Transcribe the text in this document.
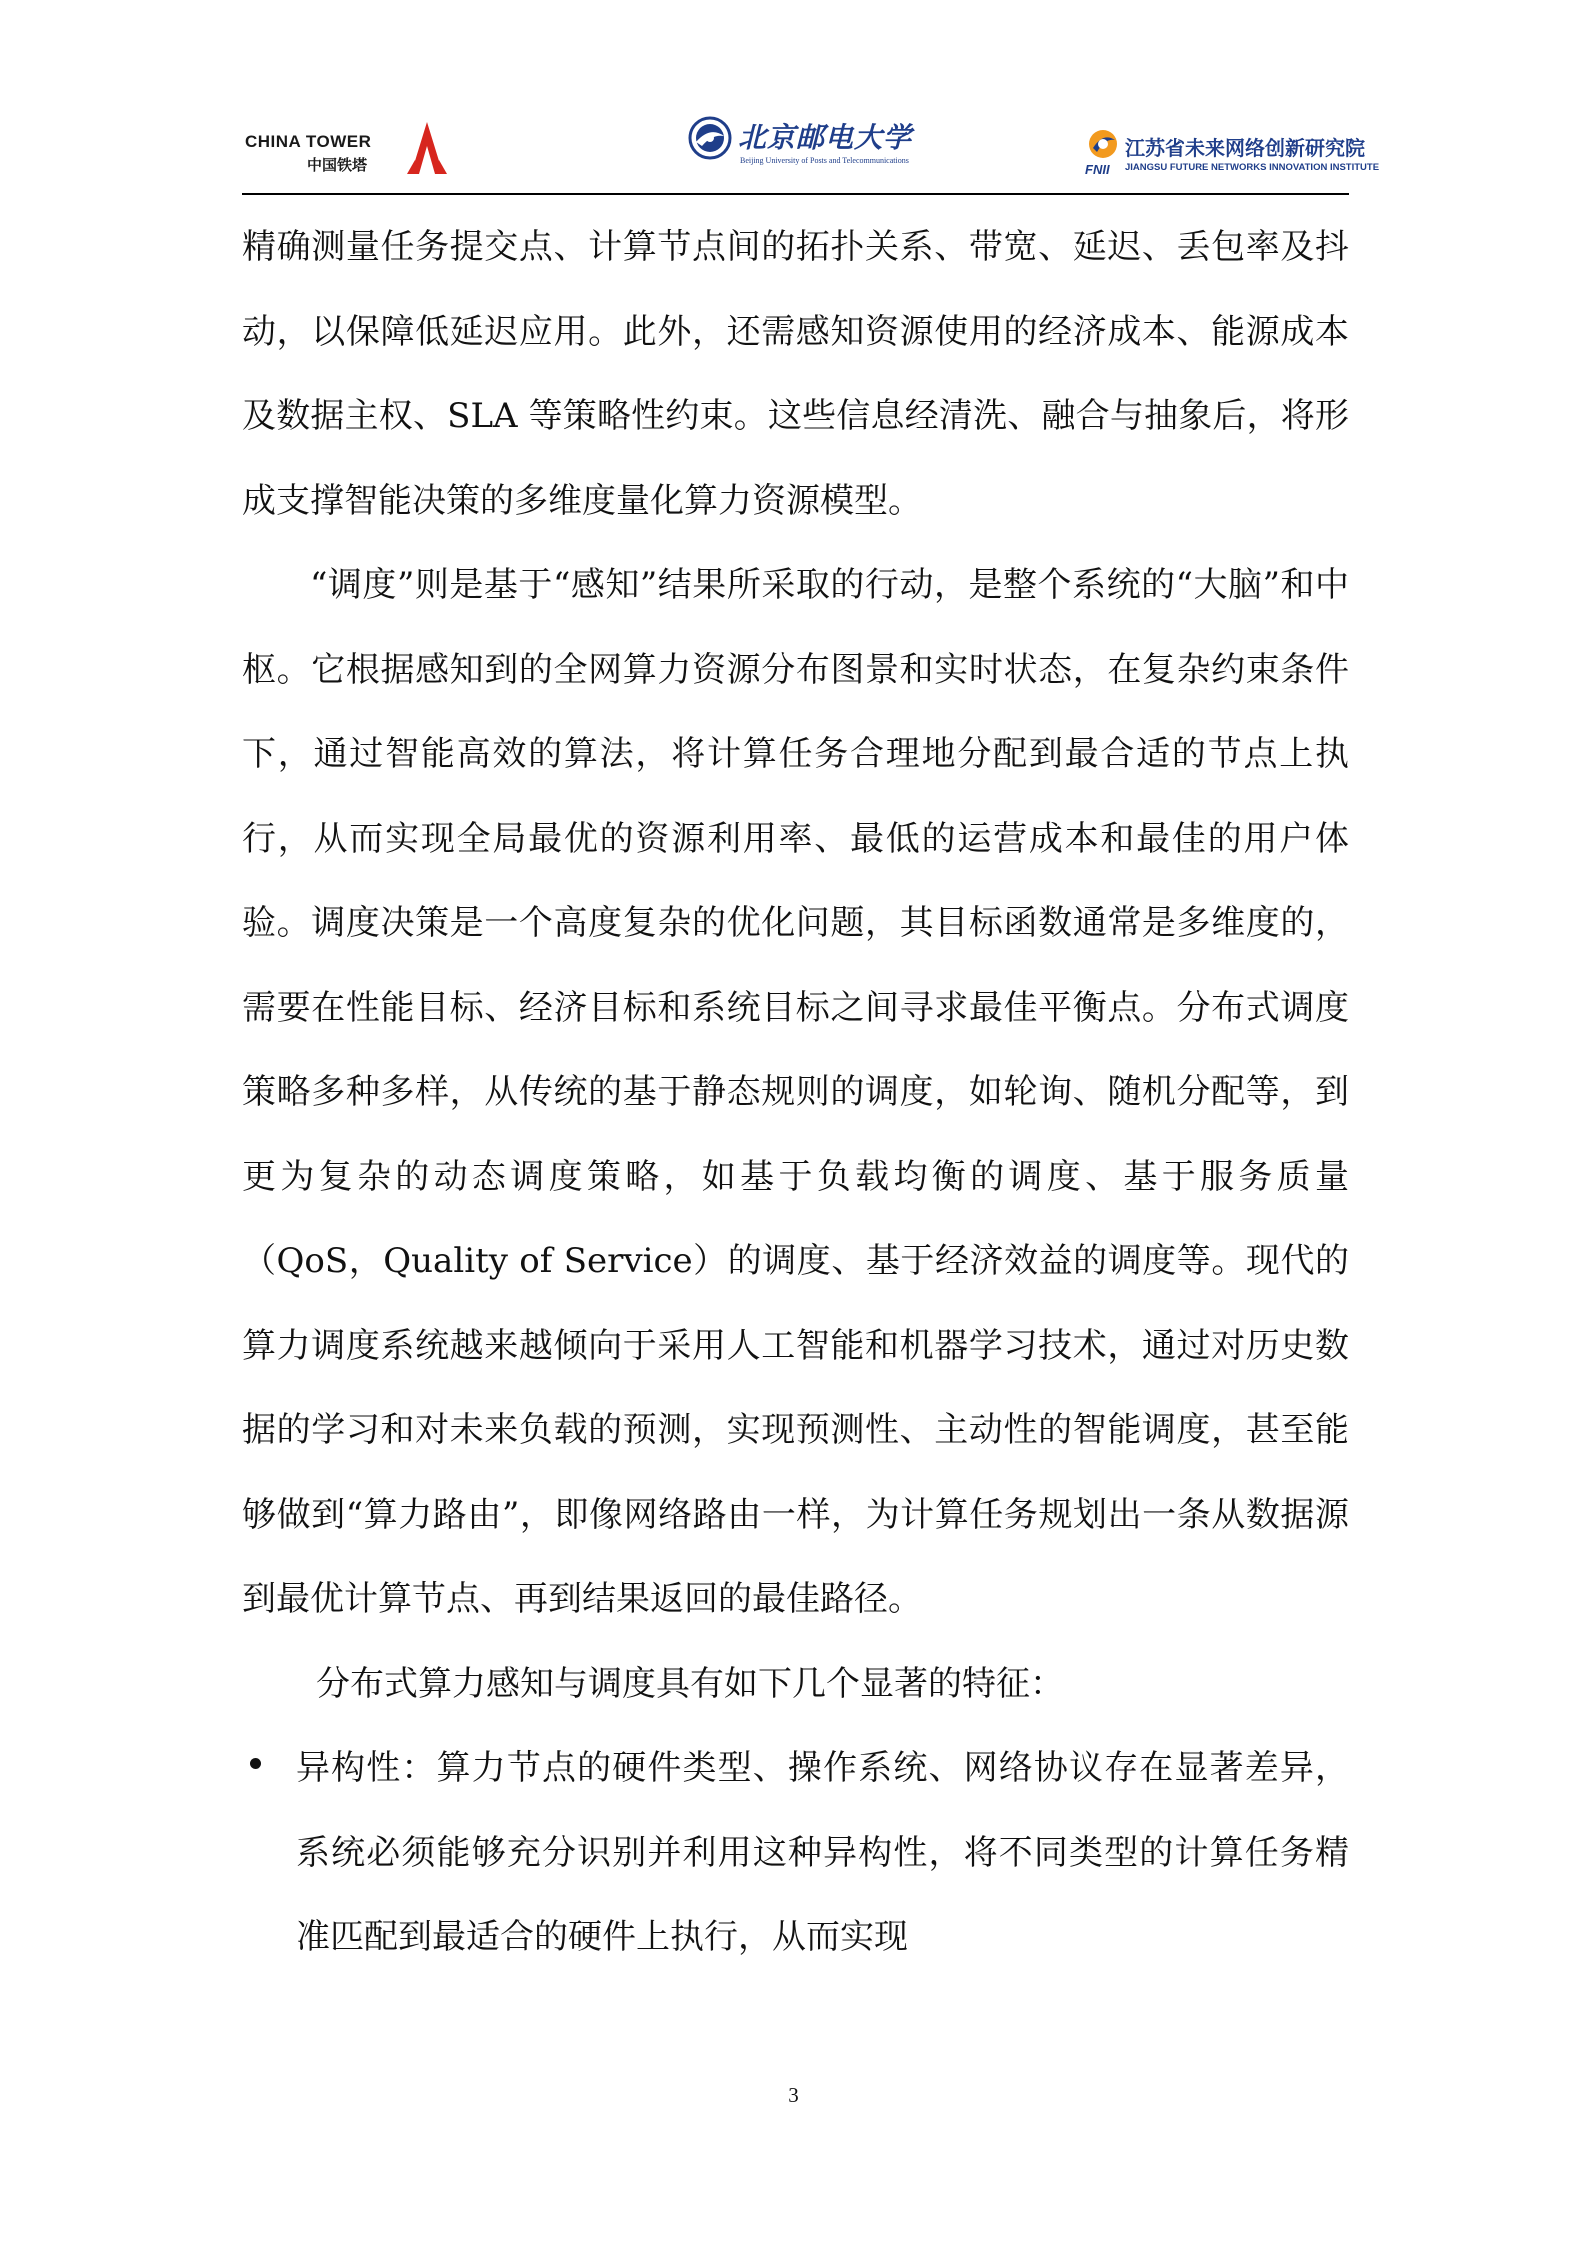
CHINA TOWER
中国铁塔
北京邮电大学
Beijing University of Posts and Telecommunications
FNII
江苏省未来网络创新研究院
JIANGSU FUTURE NETWORKS INNOVATION INSTITUTE

精确测量任务提交点、计算节点间的拓扑关系、带宽、延迟、丢包率及抖动，以保障低延迟应用。此外，还需感知资源使用的经济成本、能源成本及数据主权、SLA 等策略性约束。这些信息经清洗、融合与抽象后，将形成支撑智能决策的多维度量化算力资源模型。

“调度”则是基于“感知”结果所采取的行动，是整个系统的“大脑”和中枢。它根据感知到的全网算力资源分布图景和实时状态，在复杂约束条件下，通过智能高效的算法，将计算任务合理地分配到最合适的节点上执行，从而实现全局最优的资源利用率、最低的运营成本和最佳的用户体验。调度决策是一个高度复杂的优化问题，其目标函数通常是多维度的，需要在性能目标、经济目标和系统目标之间寻求最佳平衡点。分布式调度策略多种多样，从传统的基于静态规则的调度，如轮询、随机分配等，到更为复杂的动态调度策略，如基于负载均衡的调度、基于服务质量（QoS，Quality of Service）的调度、基于经济效益的调度等。现代的算力调度系统越来越倾向于采用人工智能和机器学习技术，通过对历史数据的学习和对未来负载的预测，实现预测性、主动性的智能调度，甚至能够做到“算力路由”，即像网络路由一样，为计算任务规划出一条从数据源到最优计算节点、再到结果返回的最佳路径。

分布式算力感知与调度具有如下几个显著的特征：

异构性：算力节点的硬件类型、操作系统、网络协议存在显著差异，系统必须能够充分识别并利用这种异构性，将不同类型的计算任务精准匹配到最适合的硬件上执行，从而实现

3
